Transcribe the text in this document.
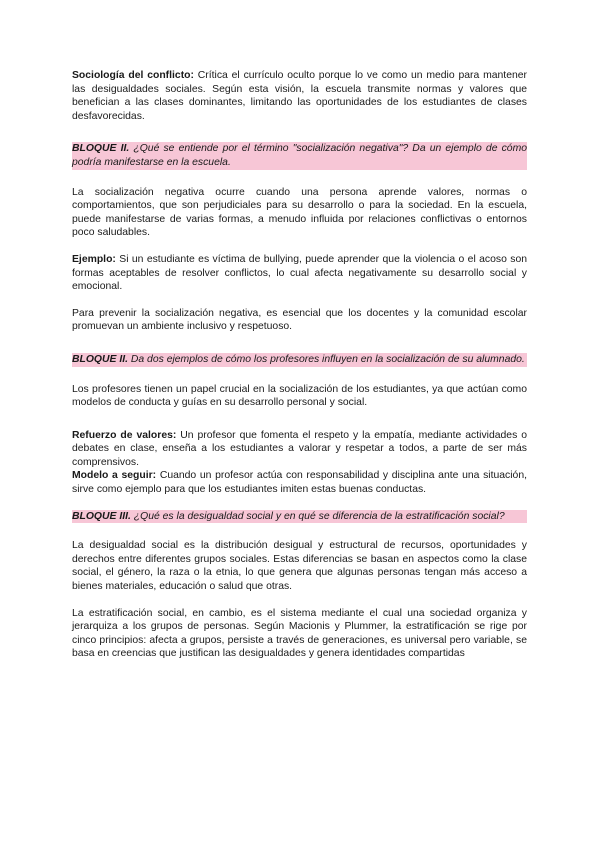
Sociología del conflicto: Crítica el currículo oculto porque lo ve como un medio para mantener las desigualdades sociales. Según esta visión, la escuela transmite normas y valores que benefician a las clases dominantes, limitando las oportunidades de los estudiantes de clases desfavorecidas.

BLOQUE II. ¿Qué se entiende por el término "socialización negativa"? Da un ejemplo de cómo podría manifestarse en la escuela.

La socialización negativa ocurre cuando una persona aprende valores, normas o comportamientos, que son perjudiciales para su desarrollo o para la sociedad. En la escuela, puede manifestarse de varias formas, a menudo influida por relaciones conflictivas o entornos poco saludables.

Ejemplo: Si un estudiante es víctima de bullying, puede aprender que la violencia o el acoso son formas aceptables de resolver conflictos, lo cual afecta negativamente su desarrollo social y emocional.

Para prevenir la socialización negativa, es esencial que los docentes y la comunidad escolar promuevan un ambiente inclusivo y respetuoso.

BLOQUE II. Da dos ejemplos de cómo los profesores influyen en la socialización de su alumnado.

Los profesores tienen un papel crucial en la socialización de los estudiantes, ya que actúan como modelos de conducta y guías en su desarrollo personal y social.

Refuerzo de valores: Un profesor que fomenta el respeto y la empatía, mediante actividades o debates en clase, enseña a los estudiantes a valorar y respetar a todos, a parte de ser más comprensivos.

Modelo a seguir: Cuando un profesor actúa con responsabilidad y disciplina ante una situación, sirve como ejemplo para que los estudiantes imiten estas buenas conductas.

BLOQUE III. ¿Qué es la desigualdad social y en qué se diferencia de la estratificación social?

La desigualdad social es la distribución desigual y estructural de recursos, oportunidades y derechos entre diferentes grupos sociales. Estas diferencias se basan en aspectos como la clase social, el género, la raza o la etnia, lo que genera que algunas personas tengan más acceso a bienes materiales, educación o salud que otras.

La estratificación social, en cambio, es el sistema mediante el cual una sociedad organiza y jerarquiza a los grupos de personas. Según Macionis y Plummer, la estratificación se rige por cinco principios: afecta a grupos, persiste a través de generaciones, es universal pero variable, se basa en creencias que justifican las desigualdades y genera identidades compartidas
